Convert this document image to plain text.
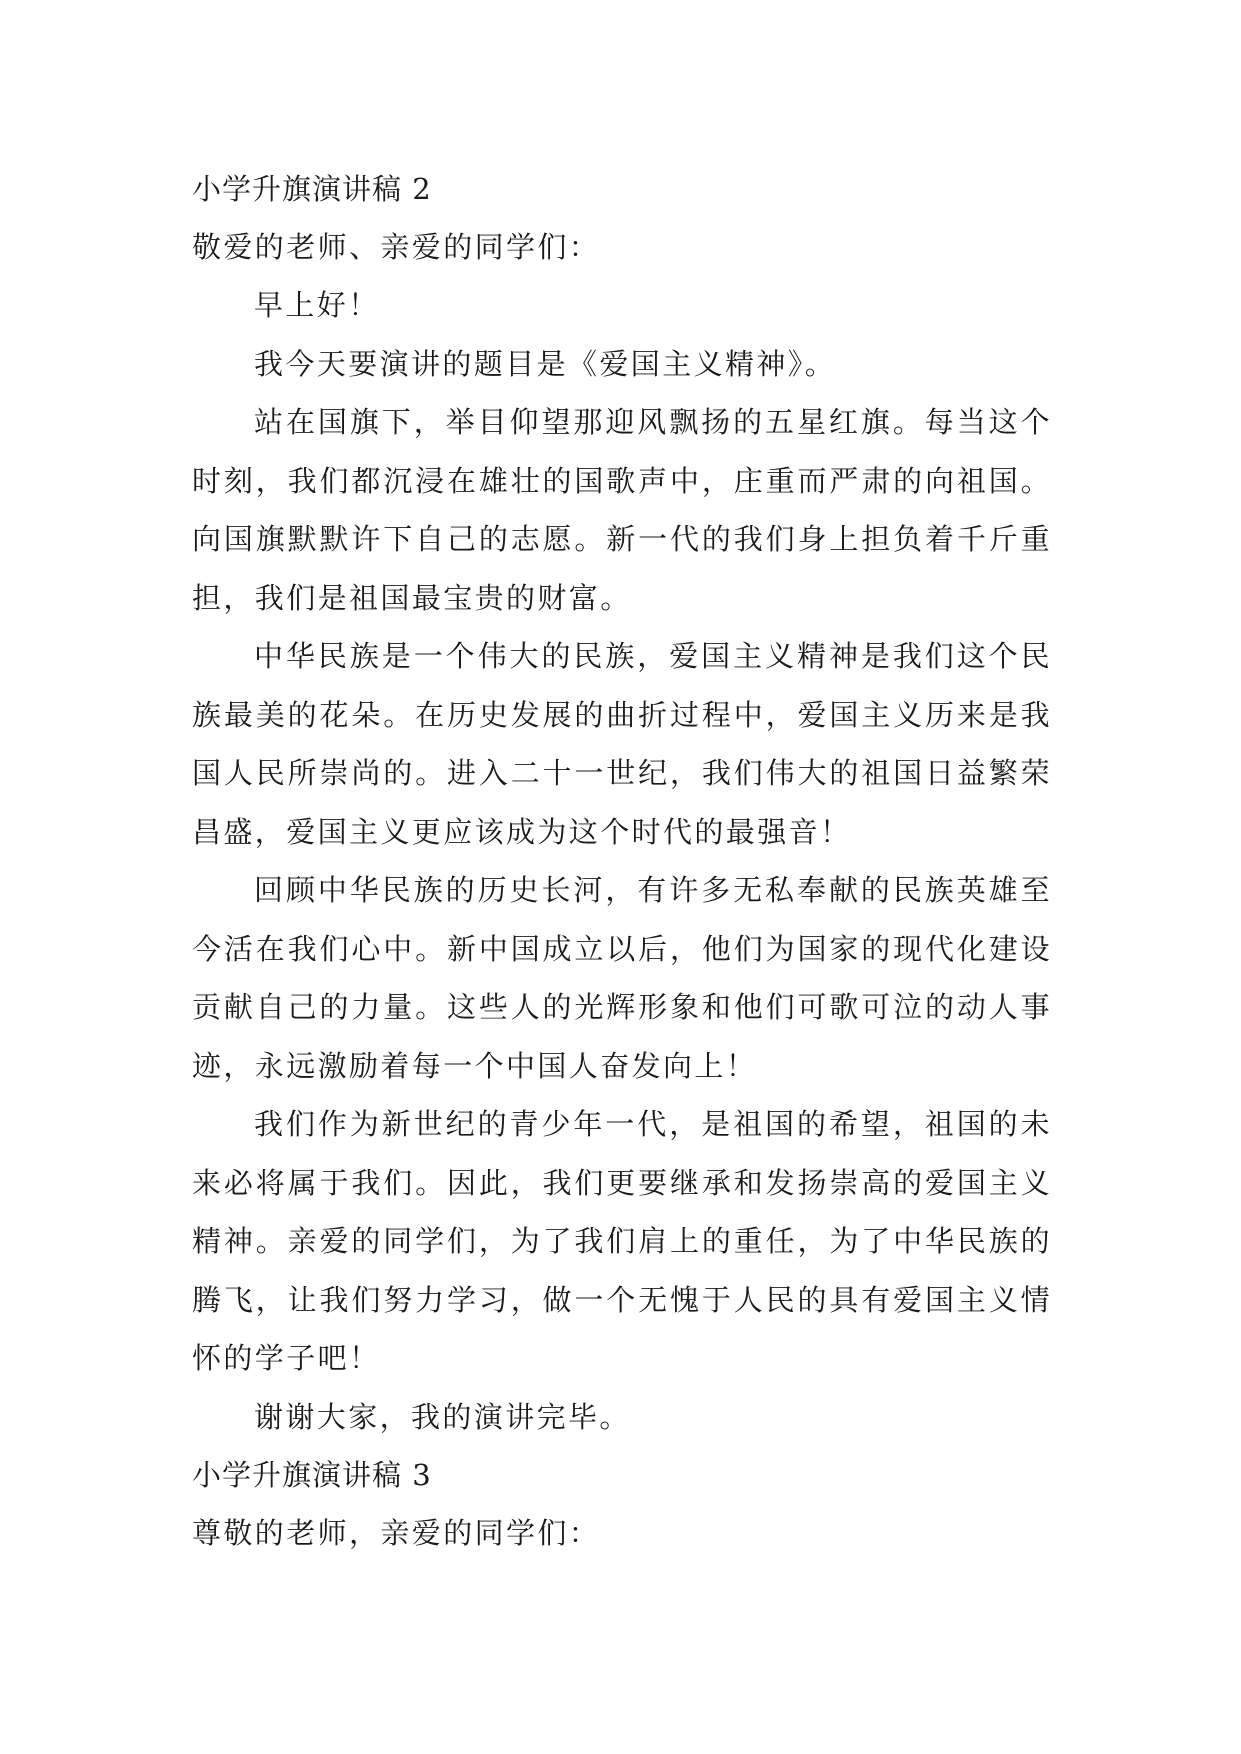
小学升旗演讲稿 2
敬爱的老师、亲爱的同学们：

早上好！

我今天要演讲的题目是《爱国主义精神》。

站在国旗下，举目仰望那迎风飘扬的五星红旗。每当这个时刻，我们都沉浸在雄壮的国歌声中，庄重而严肃的向祖国。向国旗默默许下自己的志愿。新一代的我们身上担负着千斤重担，我们是祖国最宝贵的财富。

中华民族是一个伟大的民族，爱国主义精神是我们这个民族最美的花朵。在历史发展的曲折过程中，爱国主义历来是我国人民所崇尚的。进入二十一世纪，我们伟大的祖国日益繁荣昌盛，爱国主义更应该成为这个时代的最强音！

回顾中华民族的历史长河，有许多无私奉献的民族英雄至今活在我们心中。新中国成立以后，他们为国家的现代化建设贡献自己的力量。这些人的光辉形象和他们可歌可泣的动人事迹，永远激励着每一个中国人奋发向上！

我们作为新世纪的青少年一代，是祖国的希望，祖国的未来必将属于我们。因此，我们更要继承和发扬崇高的爱国主义精神。亲爱的同学们，为了我们肩上的重任，为了中华民族的腾飞，让我们努力学习，做一个无愧于人民的具有爱国主义情怀的学子吧！

谢谢大家，我的演讲完毕。

小学升旗演讲稿 3
尊敬的老师，亲爱的同学们：
